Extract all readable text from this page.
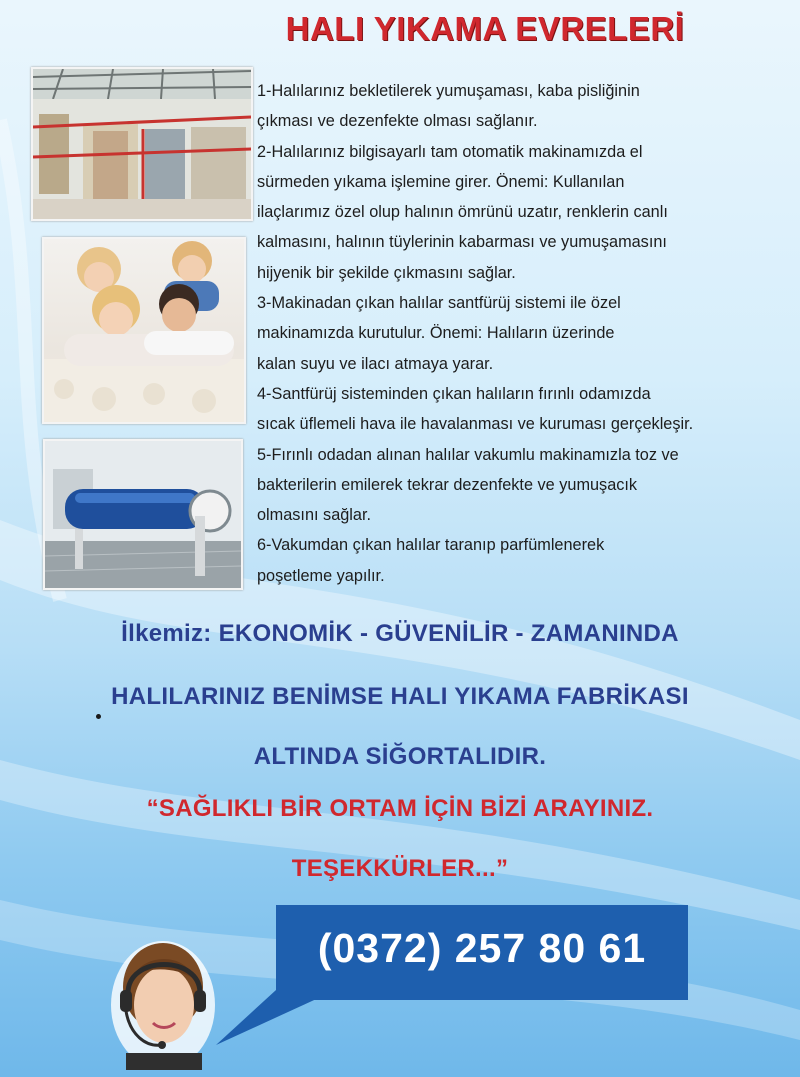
HALI YIKAMA EVRELERİ

1-Halılarınız bekletilerek yumuşaması, kaba pisliğinin

çıkması ve dezenfekte olması sağlanır.

2-Halılarınız bilgisayarlı tam otomatik makinamızda el

sürmeden yıkama işlemine girer. Önemi: Kullanılan

ilaçlarımız özel olup halının ömrünü uzatır, renklerin canlı

kalmasını, halının tüylerinin kabarması ve yumuşamasını

hijyenik bir şekilde çıkmasını sağlar.

3-Makinadan çıkan halılar santfürüj sistemi ile özel

makinamızda kurutulur. Önemi: Halıların üzerinde

kalan suyu ve ilacı atmaya yarar.

4-Santfürüj sisteminden çıkan halıların fırınlı odamızda

sıcak üflemeli hava ile havalanması ve kuruması gerçekleşir.

5-Fırınlı odadan alınan halılar vakumlu makinamızla toz ve

bakterilerin emilerek tekrar dezenfekte ve yumuşacık

olmasını sağlar.

6-Vakumdan çıkan halılar taranıp parfümlenerek

poşetleme yapılır.

İlkemiz: EKONOMİK - GÜVENİLİR - ZAMANINDA
HALILARINIZ BENİMSE HALI YIKAMA FABRİKASI
ALTINDA SİĞORTALIDIR.
“SAĞLIKLI BİR ORTAM İÇİN BİZİ ARAYINIZ.
TEŞEKKÜRLER...”
(0372) 257 80 61
